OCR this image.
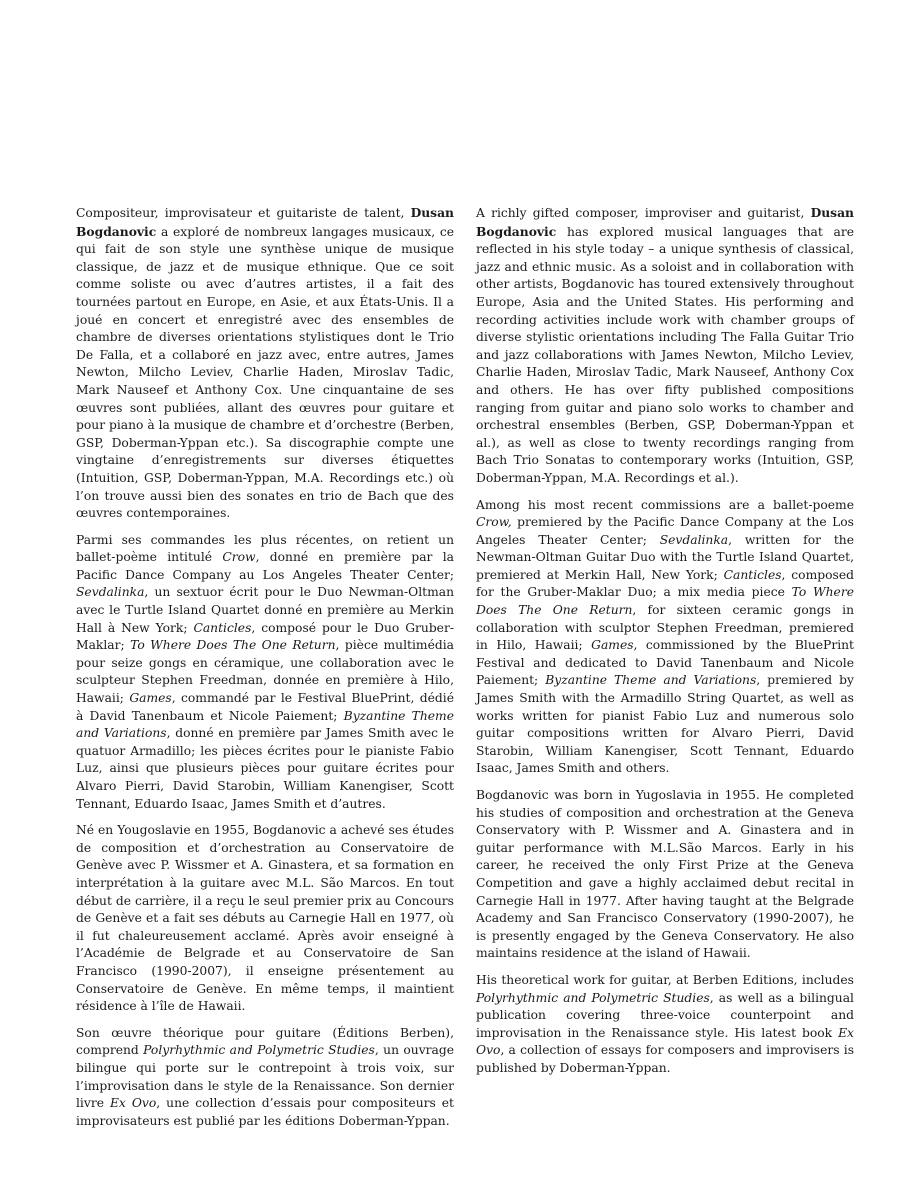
Compositeur, improvisateur et guitariste de talent, Dusan Bogdanovic a exploré de nombreux langages musicaux, ce qui fait de son style une synthèse unique de musique classique, de jazz et de musique ethnique. Que ce soit comme soliste ou avec d’autres artistes, il a fait des tournées partout en Europe, en Asie, et aux États-Unis. Il a joué en concert et enregistré avec des ensembles de chambre de diverses orientations stylistiques dont le Trio De Falla, et a collaboré en jazz avec, entre autres, James Newton, Milcho Leviev, Charlie Haden, Miroslav Tadic, Mark Nauseef et Anthony Cox. Une cinquantaine de ses œuvres sont publiées, allant des œuvres pour guitare et pour piano à la musique de chambre et d’orchestre (Berben, GSP, Doberman-Yppan etc.). Sa discographie compte une vingtaine d’enregistrements sur diverses étiquettes (Intuition, GSP, Doberman-Yppan, M.A. Recordings etc.) où l’on trouve aussi bien des sonates en trio de Bach que des œuvres contemporaines.

Parmi ses commandes les plus récentes, on retient un ballet-poème intitulé Crow, donné en première par la Pacific Dance Company au Los Angeles Theater Center; Sevdalinka, un sextuor écrit pour le Duo Newman-Oltman avec le Turtle Island Quartet donné en première au Merkin Hall à New York; Canticles, composé pour le Duo Gruber-Maklar; To Where Does The One Return, pièce multimédia pour seize gongs en céramique, une collaboration avec le sculpteur Stephen Freedman, donnée en première à Hilo, Hawaii; Games, commandé par le Festival BluePrint, dédié à David Tanenbaum et Nicole Paiement; Byzantine Theme and Variations, donné en première par James Smith avec le quatuor Armadillo; les pièces écrites pour le pianiste Fabio Luz, ainsi que plusieurs pièces pour guitare écrites pour Alvaro Pierri, David Starobin, William Kanengiser, Scott Tennant, Eduardo Isaac, James Smith et d’autres.

Né en Yougoslavie en 1955, Bogdanovic a achevé ses études de composition et d’orchestration au Conservatoire de Genève avec P. Wissmer et A. Ginastera, et sa formation en interprétation à la guitare avec M.L. São Marcos. En tout début de carrière, il a reçu le seul premier prix au Concours de Genève et a fait ses débuts au Carnegie Hall en 1977, où il fut chaleureusement acclamé. Après avoir enseigné à l’Académie de Belgrade et au Conservatoire de San Francisco (1990-2007), il enseigne présentement au Conservatoire de Genève. En même temps, il maintient résidence à l’île de Hawaii.

Son œuvre théorique pour guitare (Éditions Berben), comprend Polyrhythmic and Polymetric Studies, un ouvrage bilingue qui porte sur le contrepoint à trois voix, sur l’improvisation dans le style de la Renaissance. Son dernier livre Ex Ovo, une collection d’essais pour compositeurs et improvisateurs est publié par les éditions Doberman-Yppan.

A richly gifted composer, improviser and guitarist, Dusan Bogdanovic has explored musical languages that are reflected in his style today – a unique synthesis of classical, jazz and ethnic music. As a soloist and in collaboration with other artists, Bogdanovic has toured extensively throughout Europe, Asia and the United States. His performing and recording activities include work with chamber groups of diverse stylistic orientations including The Falla Guitar Trio and jazz collaborations with James Newton, Milcho Leviev, Charlie Haden, Miroslav Tadic, Mark Nauseef, Anthony Cox and others. He has over fifty published compositions ranging from guitar and piano solo works to chamber and orchestral ensembles (Berben, GSP, Doberman-Yppan et al.), as well as close to twenty recordings ranging from Bach Trio Sonatas to contemporary works (Intuition, GSP, Doberman-Yppan, M.A. Recordings et al.).

Among his most recent commissions are a ballet-poeme Crow, premiered by the Pacific Dance Company at the Los Angeles Theater Center; Sevdalinka, written for the Newman-Oltman Guitar Duo with the Turtle Island Quartet, premiered at Merkin Hall, New York; Canticles, composed for the Gruber-Maklar Duo; a mix media piece To Where Does The One Return, for sixteen ceramic gongs in collaboration with sculptor Stephen Freedman, premiered in Hilo, Hawaii; Games, commissioned by the BluePrint Festival and dedicated to David Tanenbaum and Nicole Paiement; Byzantine Theme and Variations, premiered by James Smith with the Armadillo String Quartet, as well as works written for pianist Fabio Luz and numerous solo guitar compositions written for Alvaro Pierri, David Starobin, William Kanengiser, Scott Tennant, Eduardo Isaac, James Smith and others.

Bogdanovic was born in Yugoslavia in 1955. He completed his studies of composition and orchestration at the Geneva Conservatory with P. Wissmer and A. Ginastera and in guitar performance with M.L.São Marcos. Early in his career, he received the only First Prize at the Geneva Competition and gave a highly acclaimed debut recital in Carnegie Hall in 1977. After having taught at the Belgrade Academy and San Francisco Conservatory (1990-2007), he is presently engaged by the Geneva Conservatory. He also maintains residence at the island of Hawaii.

His theoretical work for guitar, at Berben Editions, includes Polyrhythmic and Polymetric Studies, as well as a bilingual publication covering three-voice counterpoint and improvisation in the Renaissance style. His latest book Ex Ovo, a collection of essays for composers and improvisers is published by Doberman-Yppan.
